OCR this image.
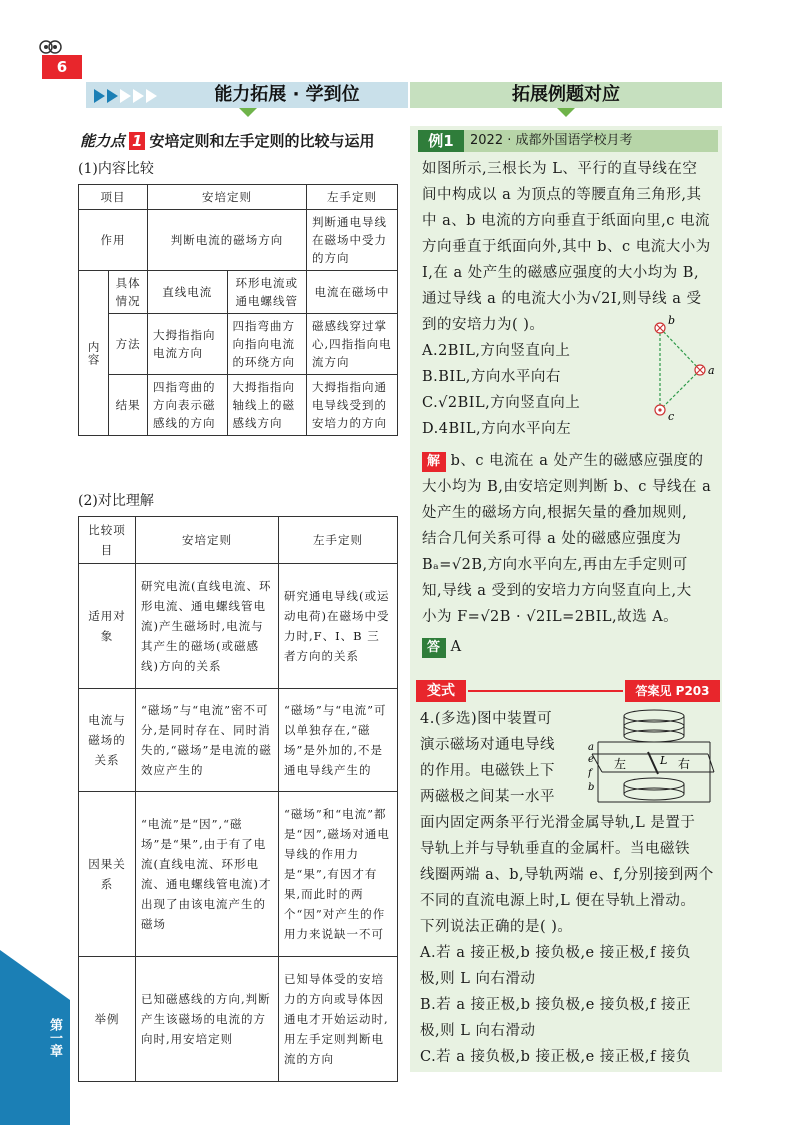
第一章
6
能力拓展 · 学到位	拓展例题对应
能力点 1 安培定则和左手定则的比较与运用
(1)内容比较
项目		安培定则		左手定则
作用		判断电流的磁场方向		判断通电导线在磁场中受力的方向
内容	具体情况	直线电流	环形电流或通电螺线管	电流在磁场中
	方法	大拇指指向电流方向	四指弯曲方向指向电流的环绕方向	磁感线穿过掌心,四指指向电流方向
	结果	四指弯曲的方向表示磁感线的方向	大拇指指向轴线上的磁感线方向	大拇指指向通电导线受到的安培力的方向
(2)对比理解
比较项目	安培定则	左手定则
适用对象	研究电流(直线电流、环形电流、通电螺线管电流)产生磁场时,电流与其产生的磁场(或磁感线)方向的关系	研究通电导线(或运动电荷)在磁场中受力时,F、I、B 三者方向的关系
电流与磁场的关系	“磁场”与“电流”密不可分,是同时存在、同时消失的,“磁场”是电流的磁效应产生的	“磁场”与“电流”可以单独存在,“磁场”是外加的,不是通电导线产生的
因果关系	“电流”是“因”,“磁场”是“果”,由于有了电流(直线电流、环形电流、通电螺线管电流)才出现了由该电流产生的磁场	“磁场”和“电流”都是“因”,磁场对通电导线的作用力是“果”,有因才有果,而此时的两个“因”对产生的作用力来说缺一不可
举例	已知磁感线的方向,判断产生该磁场的电流的方向时,用安培定则	已知导体受的安培力的方向或导体因通电才开始运动时,用左手定则判断电流的方向
例1	2022 · 成都外国语学校月考
如图所示,三根长为 L、平行的直导线在空
间中构成以 a 为顶点的等腰直角三角形,其
中 a、b 电流的方向垂直于纸面向里,c 电流
方向垂直于纸面向外,其中 b、c 电流大小为
I,在 a 处产生的磁感应强度的大小均为 B,
通过导线 a 的电流大小为√2I,则导线 a 受
到的安培力为( )。
A.2BIL,方向竖直向上
B.BIL,方向水平向右
C.√2BIL,方向竖直向上
D.4BIL,方向水平向左
b
a
c
解 b、c 电流在 a 处产生的磁感应强度的
大小均为 B,由安培定则判断 b、c 导线在 a
处产生的磁场方向,根据矢量的叠加规则,
结合几何关系可得 a 处的磁感应强度为
Bₐ=√2B,方向水平向左,再由左手定则可
知,导线 a 受到的安培力方向竖直向上,大
小为 F=√2B · √2IL=2BIL,故选 A。
答 A
变式	答案见 P203
4.(多选)图中装置可
演示磁场对通电导线
的作用。电磁铁上下
两磁极之间某一水平
面内固定两条平行光滑金属导轨,L 是置于
导轨上并与导轨垂直的金属杆。当电磁铁
线圈两端 a、b,导轨两端 e、f,分别接到两个
不同的直流电源上时,L 便在导轨上滑动。
下列说法正确的是( )。
A.若 a 接正极,b 接负极,e 接正极,f 接负
极,则 L 向右滑动
B.若 a 接正极,b 接负极,e 接负极,f 接正
极,则 L 向右滑动
C.若 a 接负极,b 接正极,e 接正极,f 接负
左	右
L
a
e
f
b
